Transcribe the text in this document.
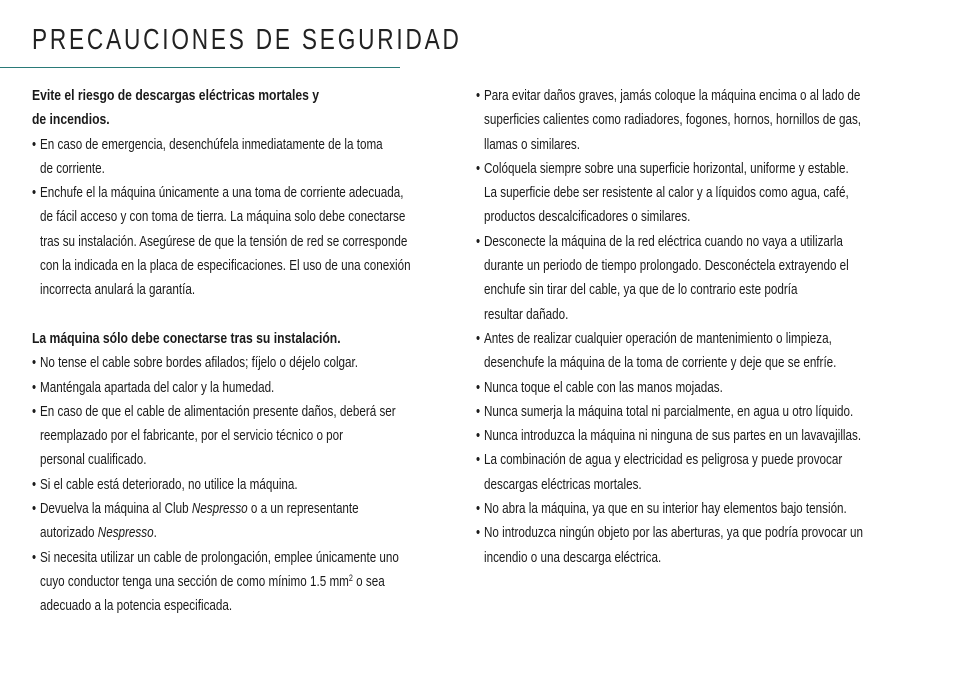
PRECAUCIONES DE SEGURIDAD

Evite el riesgo de descargas eléctricas mortales y
de incendios.

• En caso de emergencia, desenchúfela inmediatamente de la toma
de corriente.
• Enchufe el la máquina únicamente a una toma de corriente adecuada,
de fácil acceso y con toma de tierra. La máquina solo debe conectarse
tras su instalación. Asegúrese de que la tensión de red se corresponde
con la indicada en la placa de especificaciones. El uso de una conexión
incorrecta anulará la garantía.

La máquina sólo debe conectarse tras su instalación.

• No tense el cable sobre bordes afilados; fíjelo o déjelo colgar.
• Manténgala apartada del calor y la humedad.
• En caso de que el cable de alimentación presente daños, deberá ser
reemplazado por el fabricante, por el servicio técnico o por
personal cualificado.
• Si el cable está deteriorado, no utilice la máquina.
• Devuelva la máquina al Club Nespresso o a un representante
autorizado Nespresso.
• Si necesita utilizar un cable de prolongación, emplee únicamente uno
cuyo conductor tenga una sección de como mínimo 1.5 $mm^2$ o sea
adecuado a la potencia especificada.
• Para evitar daños graves, jamás coloque la máquina encima o al lado de
superficies calientes como radiadores, fogones, hornos, hornillos de gas,
llamas o similares.
• Colóquela siempre sobre una superficie horizontal, uniforme y estable.
La superficie debe ser resistente al calor y a líquidos como agua, café,
productos descalcificadores o similares.
• Desconecte la máquina de la red eléctrica cuando no vaya a utilizarla
durante un periodo de tiempo prolongado. Desconéctela extrayendo el
enchufe sin tirar del cable, ya que de lo contrario este podría
resultar dañado.
• Antes de realizar cualquier operación de mantenimiento o limpieza,
desenchufe la máquina de la toma de corriente y deje que se enfríe.
• Nunca toque el cable con las manos mojadas.
• Nunca sumerja la máquina total ni parcialmente, en agua u otro líquido.
• Nunca introduzca la máquina ni ninguna de sus partes en un lavavajillas.
• La combinación de agua y electricidad es peligrosa y puede provocar
descargas eléctricas mortales.
• No abra la máquina, ya que en su interior hay elementos bajo tensión.
• No introduzca ningún objeto por las aberturas, ya que podría provocar un
incendio o una descarga eléctrica.
